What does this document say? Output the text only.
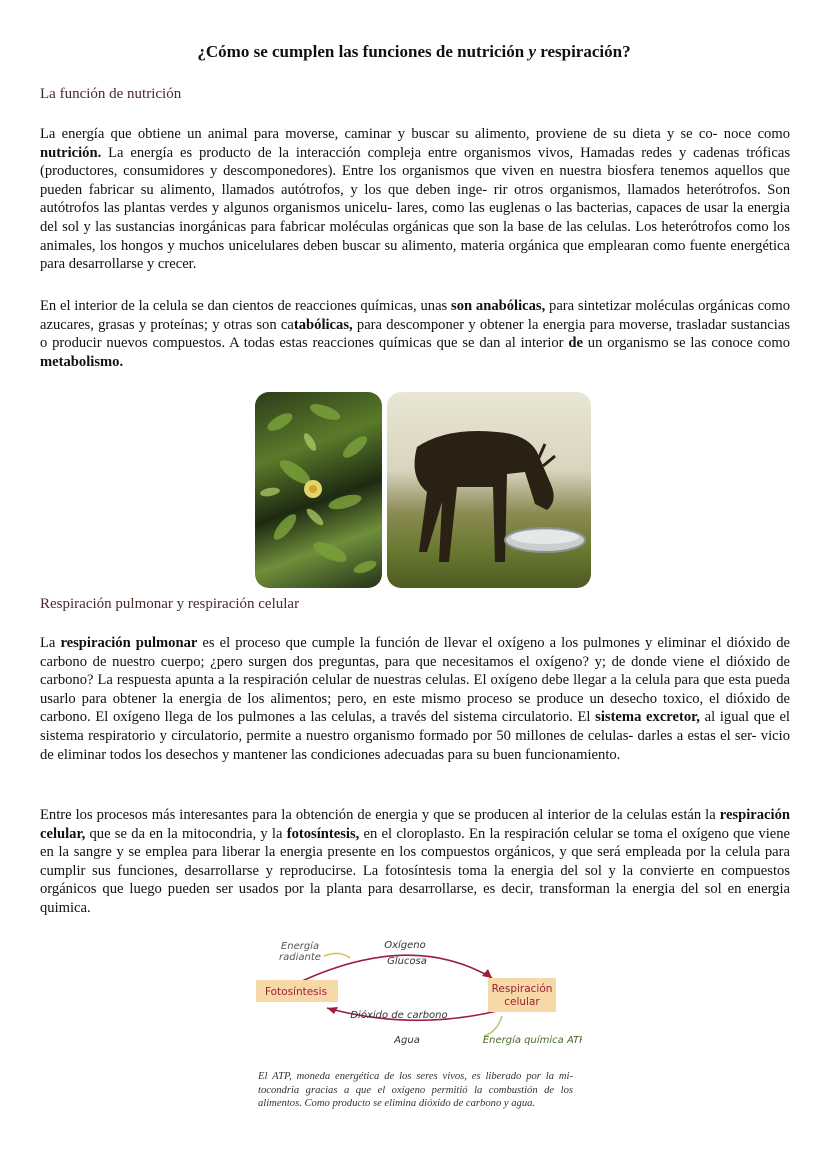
¿Cómo se cumplen las funciones de nutrición y respiración?
La función de nutrición

La energía que obtiene un animal para moverse, caminar y buscar su alimento, proviene de su dieta y se co- noce como nutrición. La energía es producto de la interacción compleja entre organismos vivos, Hamadas redes y cadenas tróficas (productores, consumidores y descomponedores). Entre los organismos que viven en nuestra biosfera tenemos aquellos que pueden fabricar su alimento, llamados autótrofos, y los que deben inge- rir otros organismos, llamados heterótrofos. Son autótrofos las plantas verdes y algunos organismos unicelu- lares, como las euglenas o las bacterias, capaces de usar la energia del sol y las sustancias inorgánicas para fabricar moléculas orgánicas que son la base de las celulas. Los heterótrofos como los animales, los hongos y muchos unicelulares deben buscar su alimento, materia orgánica que emplearan como fuente energética para desarrollarse y crecer.

En el interior de la celula se dan cientos de reacciones químicas, unas son anabólicas, para sintetizar moléculas orgánicas como azucares, grasas y proteínas; y otras son catabólicas, para descomponer y obtener la energia para moverse, trasladar sustancias o producir nuevos compuestos. A todas estas reacciones químicas que se dan al interior de un organismo se las conoce como metabolismo.

Respiración pulmonar y respiración celular

La respiración pulmonar es el proceso que cumple la función de llevar el oxígeno a los pulmones y eliminar el dióxido de carbono de nuestro cuerpo; ¿pero surgen dos preguntas, para que necesitamos el oxígeno? y; de donde viene el dióxido de carbono? La respuesta apunta a la respiración celular de nuestras celulas. El oxígeno debe llegar a la celula para que esta pueda usarlo para obtener la energia de los alimentos; pero, en este mismo proceso se produce un desecho toxico, el dióxido de carbono. El oxígeno llega de los pulmones a las celulas, a través del sistema circulatorio. El sistema excretor, al igual que el sistema respiratorio y circulatorio, permite a nuestro organismo formado por 50 millones de celulas- darles a estas el ser- vicio de eliminar todos los desechos y mantener las condiciones adecuadas para su buen funcionamiento.

Entre los procesos más interesantes para la obtención de energia y que se producen al interior de la celulas están la respiración celular, que se da en la mitocondria, y la fotosíntesis, en el cloroplasto. En la respiración celular se toma el oxígeno que viene en la sangre y se emplea para liberar la energia presente en los compuestos orgánicos, y que será empleada por la celula para cumplir sus funciones, desarrollarse y reproducirse. La fotosíntesis toma la energia del sol y la convierte en compuestos orgánicos que luego pueden ser usados por la planta para desarrollarse, es decir, transforman la energia del sol en energia quimica.

Fotosíntesis	Respiración
celular
Energía
radiante
Oxígeno
Glucosa
Dióxido de carbono
Agua	Energía química ATP
El ATP, moneda energética de los seres vivos, es liberado por la mi- tocondria gracias a que el oxígeno permitió la combustión de los alimentos. Como producto se elimina dióxido de carbono y agua.
